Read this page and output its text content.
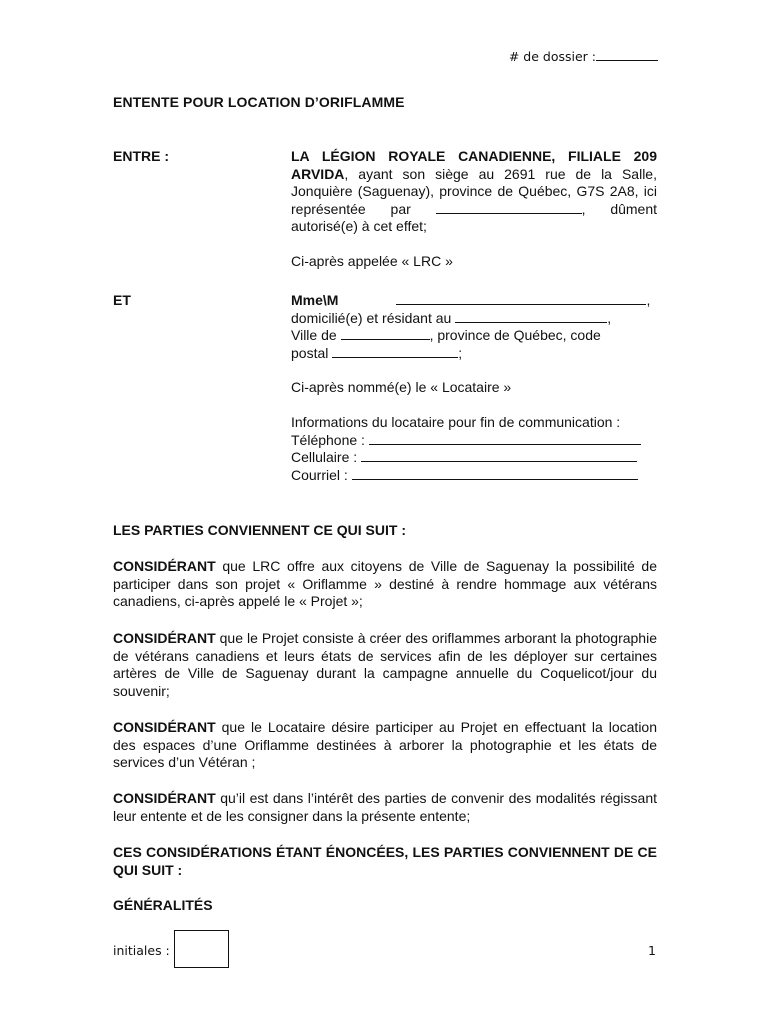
# de dossier :
ENTENTE POUR LOCATION D’ORIFLAMME
ENTRE :	LA LÉGION ROYALE CANADIENNE, FILIALE 209 ARVIDA, ayant son siège au 2691 rue de la Salle, Jonquière (Saguenay), province de Québec, G7S 2A8, ici représentée par	, dûment autorisé(e) à cet effet;

Ci-après appelée « LRC »

ET	Mme\M	,
domicilié(e) et résidant au	,
Ville de	, province de Québec, code
postal	;

Ci-après nommé(e) le « Locataire »

Informations du locataire pour fin de communication :
Téléphone :
Cellulaire :
Courriel :

LES PARTIES CONVIENNENT CE QUI SUIT :

CONSIDÉRANT que LRC offre aux citoyens de Ville de Saguenay la possibilité de participer dans son projet « Oriflamme » destiné à rendre hommage aux vétérans canadiens, ci-après appelé le « Projet »;

CONSIDÉRANT que le Projet consiste à créer des oriflammes arborant la photographie de vétérans canadiens et leurs états de services afin de les déployer sur certaines artères de Ville de Saguenay durant la campagne annuelle du Coquelicot/jour du souvenir;

CONSIDÉRANT que le Locataire désire participer au Projet en effectuant la location des espaces d’une Oriflamme destinées à arborer la photographie et les états de services d’un Vétéran ;

CONSIDÉRANT qu’il est dans l’intérêt des parties de convenir des modalités régissant leur entente et de les consigner dans la présente entente;

CES CONSIDÉRATIONS ÉTANT ÉNONCÉES, LES PARTIES CONVIENNENT DE CE QUI SUIT :
GÉNÉRALITÉS
initiales :	1
